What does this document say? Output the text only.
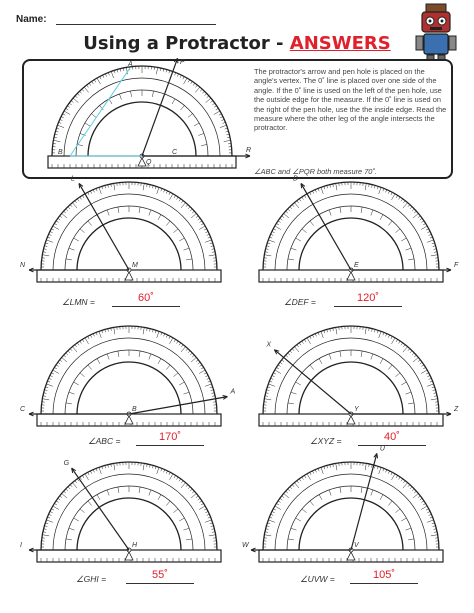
Name:
Using a Protractor - ANSWERS
B
A
C
Q
P
R
The protractor's arrow and pen hole is placed on the angle's vertex. The 0˚ line is placed over one side of the angle. If the 0˚ line is used on the left of the pen hole, use the outside edge for the measure. If the 0˚ line is used on the right of the pen hole, use the the inside edge. Read the measure where the other leg of the angle intersects the protractor.
∠ABC and ∠PQR both measure 70˚.
M
L
N	E
D
F
B
A
C	Y
X
Z
H
G
I	V
U
W
∠LMN =	60˚	∠DEF =	120˚
∠ABC =	170˚	∠XYZ =	40˚
∠GHI =	55˚	∠UVW =	105˚
